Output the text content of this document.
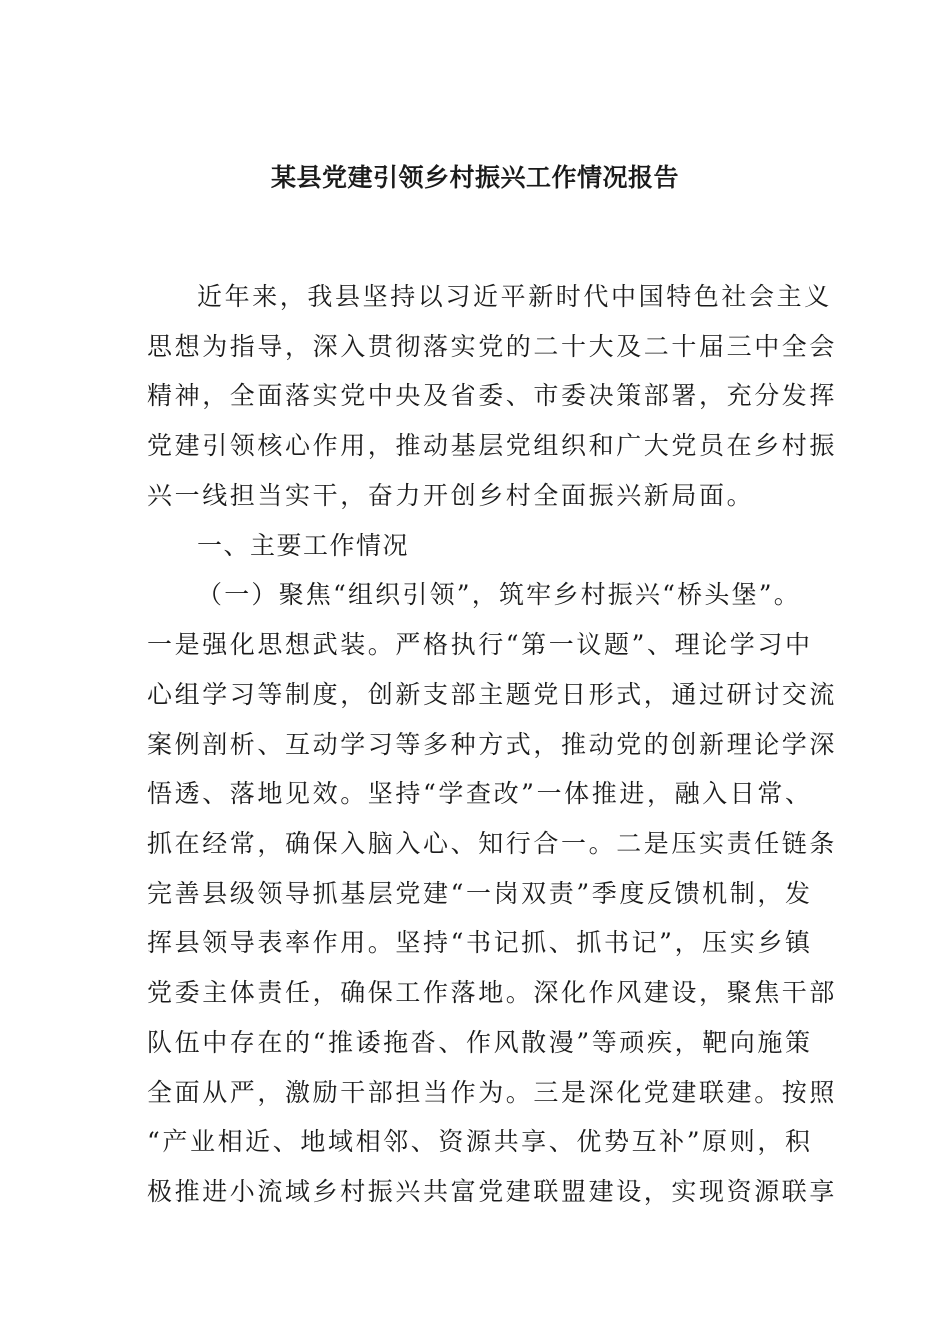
某县党建引领乡村振兴工作情况报告
近年来，我县坚持以习近平新时代中国特色社会主义
思想为指导，深入贯彻落实党的二十大及二十届三中全会
精神，全面落实党中央及省委、市委决策部署，充分发挥
党建引领核心作用，推动基层党组织和广大党员在乡村振
兴一线担当实干，奋力开创乡村全面振兴新局面。
一、主要工作情况
（一）聚焦“组织引领”，筑牢乡村振兴“桥头堡”。
一是强化思想武装。严格执行“第一议题”、理论学习中
心组学习等制度，创新支部主题党日形式，通过研讨交流
案例剖析、互动学习等多种方式，推动党的创新理论学深
悟透、落地见效。坚持“学查改”一体推进，融入日常、
抓在经常，确保入脑入心、知行合一。二是压实责任链条
完善县级领导抓基层党建“一岗双责”季度反馈机制，发
挥县领导表率作用。坚持“书记抓、抓书记”，压实乡镇
党委主体责任，确保工作落地。深化作风建设，聚焦干部
队伍中存在的“推诿拖沓、作风散漫”等顽疾，靶向施策
全面从严，激励干部担当作为。三是深化党建联建。按照
“产业相近、地域相邻、资源共享、优势互补”原则，积
极推进小流域乡村振兴共富党建联盟建设，实现资源联享
